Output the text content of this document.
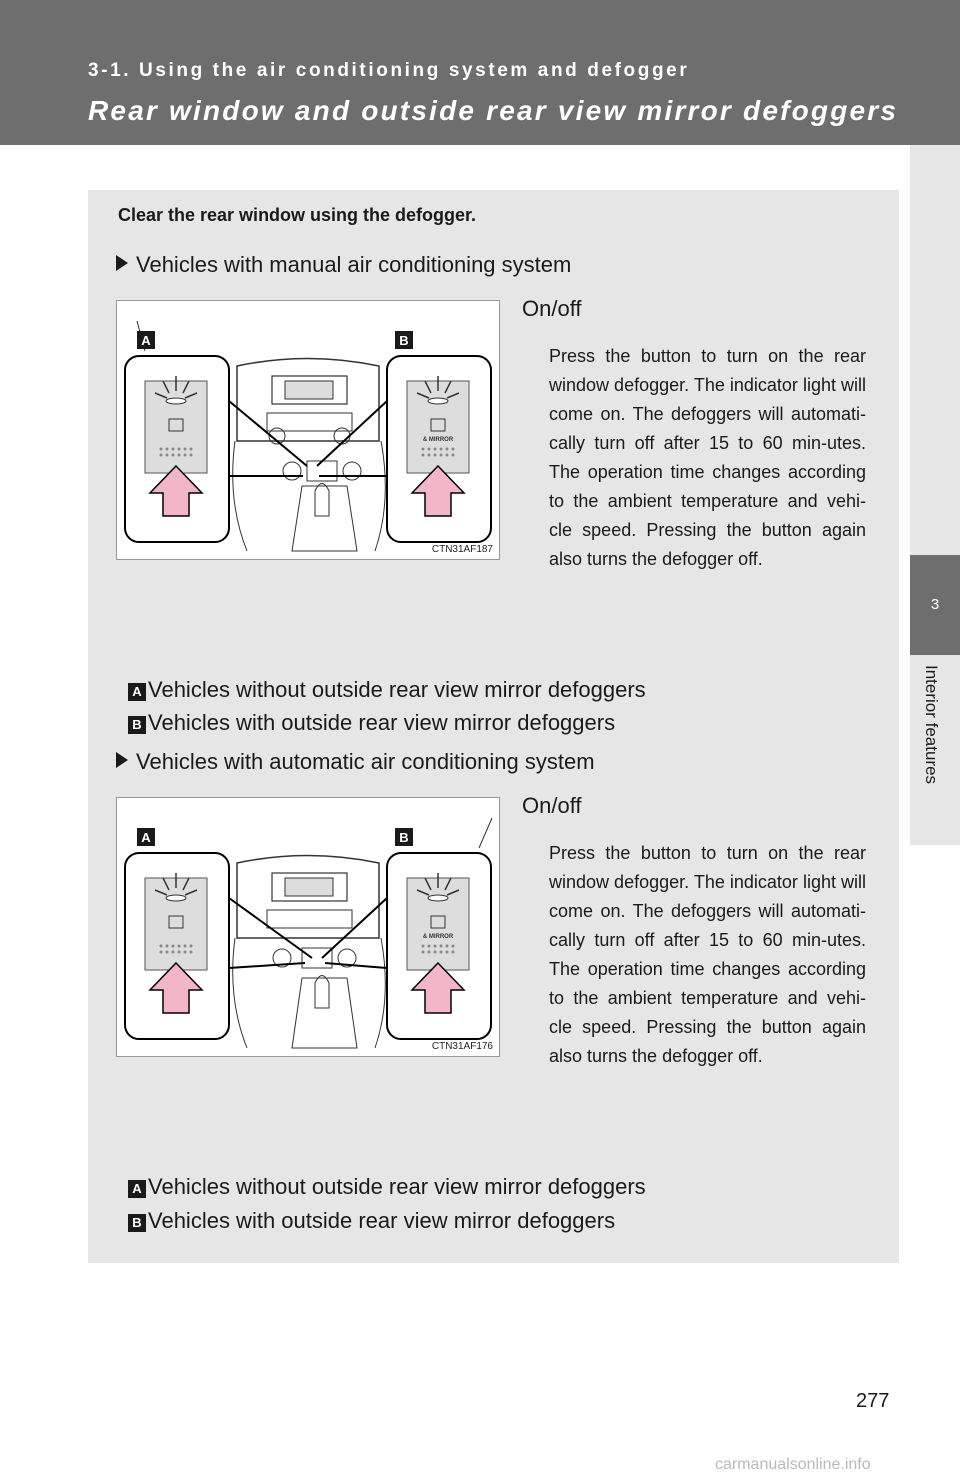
3-1. Using the air conditioning system and defogger
Rear window and outside rear view mirror defoggers
3
Interior features
Clear the rear window using the defogger.
Vehicles with manual air conditioning system
& MIRROR
A	B
CTN31AF187
On/off
Press the button to turn on the rear window defogger. The indicator light will come on. The defoggers will automati-cally turn off after 15 to 60 min-utes. The operation time changes according to the ambient temperature and vehi-cle speed. Pressing the button again also turns the defogger off.
A Vehicles without outside rear view mirror defoggers
B Vehicles with outside rear view mirror defoggers
Vehicles with automatic air conditioning system
& MIRROR
A	B
CTN31AF176
On/off
Press the button to turn on the rear window defogger. The indicator light will come on. The defoggers will automati-cally turn off after 15 to 60 min-utes. The operation time changes according to the ambient temperature and vehi-cle speed. Pressing the button again also turns the defogger off.
A Vehicles without outside rear view mirror defoggers
B Vehicles with outside rear view mirror defoggers
277
carmanualsonline.info
